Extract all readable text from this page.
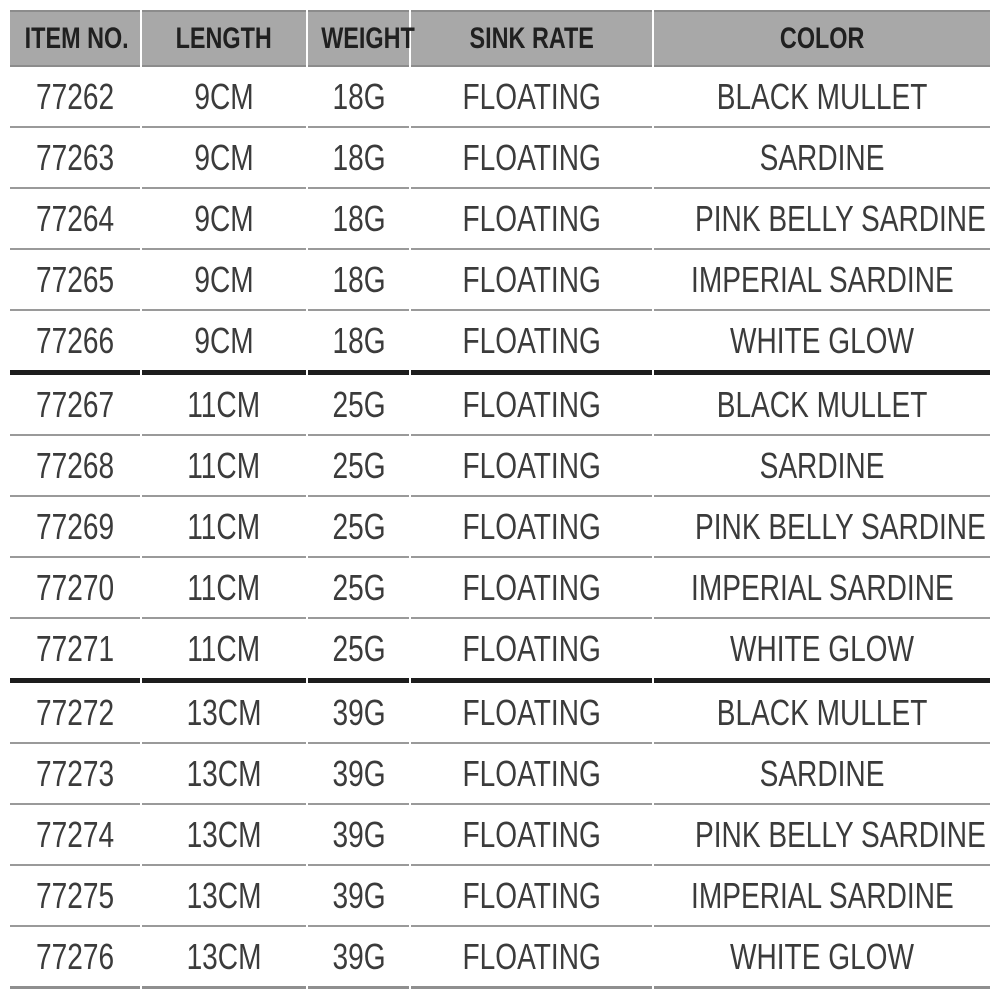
ITEM NO.	LENGTH	WEIGHT	SINK RATE	COLOR
77262	9CM	18G	FLOATING	BLACK MULLET
77263	9CM	18G	FLOATING	SARDINE
77264	9CM	18G	FLOATING	PINK BELLY SARDINE
77265	9CM	18G	FLOATING	IMPERIAL SARDINE
77266	9CM	18G	FLOATING	WHITE GLOW
77267	11CM	25G	FLOATING	BLACK MULLET
77268	11CM	25G	FLOATING	SARDINE
77269	11CM	25G	FLOATING	PINK BELLY SARDINE
77270	11CM	25G	FLOATING	IMPERIAL SARDINE
77271	11CM	25G	FLOATING	WHITE GLOW
77272	13CM	39G	FLOATING	BLACK MULLET
77273	13CM	39G	FLOATING	SARDINE
77274	13CM	39G	FLOATING	PINK BELLY SARDINE
77275	13CM	39G	FLOATING	IMPERIAL SARDINE
77276	13CM	39G	FLOATING	WHITE GLOW
